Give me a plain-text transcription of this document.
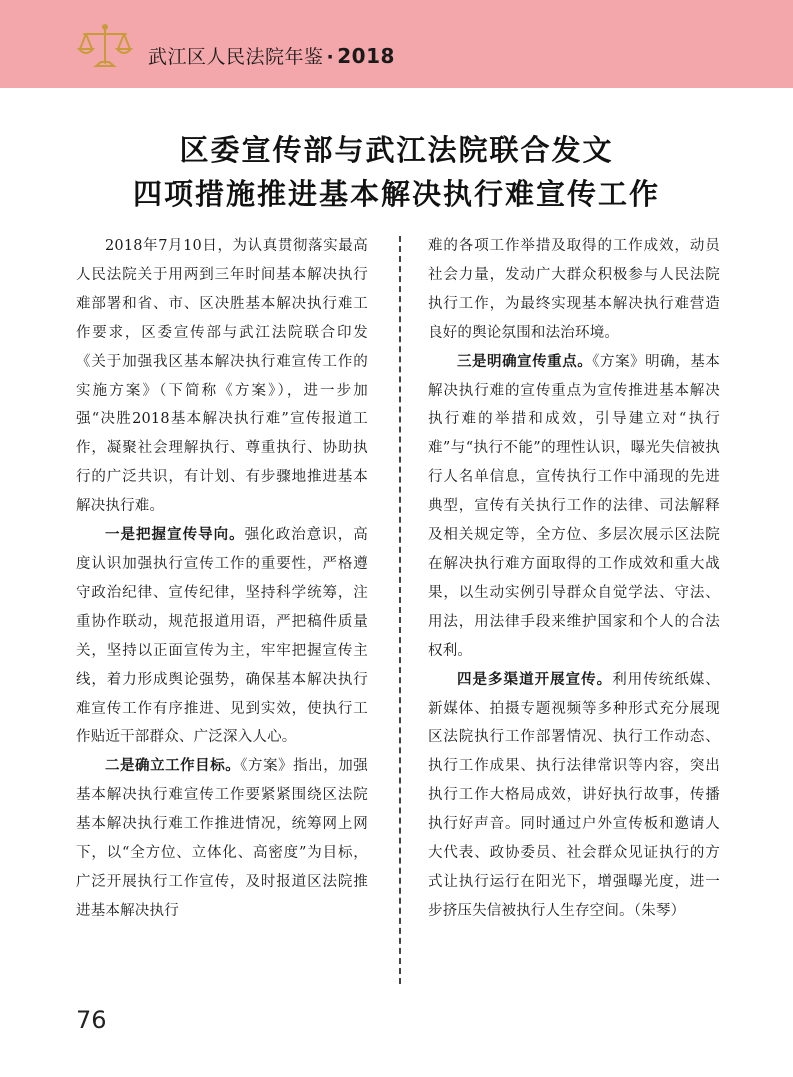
武江区人民法院年鉴 · 2018
区委宣传部与武江法院联合发文
四项措施推进基本解决执行难宣传工作

2018年7月10日，为认真贯彻落实最高人民法院关于用两到三年时间基本解决执行难部署和省、市、区决胜基本解决执行难工作要求，区委宣传部与武江法院联合印发《关于加强我区基本解决执行难宣传工作的实施方案》（下简称《方案》），进一步加强“决胜2018基本解决执行难”宣传报道工作，凝聚社会理解执行、尊重执行、协助执行的广泛共识，有计划、有步骤地推进基本解决执行难。

一是把握宣传导向。强化政治意识，高度认识加强执行宣传工作的重要性，严格遵守政治纪律、宣传纪律，坚持科学统筹，注重协作联动，规范报道用语，严把稿件质量关，坚持以正面宣传为主，牢牢把握宣传主线，着力形成舆论强势，确保基本解决执行难宣传工作有序推进、见到实效，使执行工作贴近干部群众、广泛深入人心。

二是确立工作目标。《方案》指出，加强基本解决执行难宣传工作要紧紧围绕区法院基本解决执行难工作推进情况，统筹网上网下，以“全方位、立体化、高密度”为目标，广泛开展执行工作宣传，及时报道区法院推进基本解决执行

难的各项工作举措及取得的工作成效，动员社会力量，发动广大群众积极参与人民法院执行工作，为最终实现基本解决执行难营造良好的舆论氛围和法治环境。

三是明确宣传重点。《方案》明确，基本解决执行难的宣传重点为宣传推进基本解决执行难的举措和成效，引导建立对“执行难”与“执行不能”的理性认识，曝光失信被执行人名单信息，宣传执行工作中涌现的先进典型，宣传有关执行工作的法律、司法解释及相关规定等，全方位、多层次展示区法院在解决执行难方面取得的工作成效和重大战果，以生动实例引导群众自觉学法、守法、用法，用法律手段来维护国家和个人的合法权利。

四是多渠道开展宣传。利用传统纸媒、新媒体、拍摄专题视频等多种形式充分展现区法院执行工作部署情况、执行工作动态、执行工作成果、执行法律常识等内容，突出执行工作大格局成效，讲好执行故事，传播执行好声音。同时通过户外宣传板和邀请人大代表、政协委员、社会群众见证执行的方式让执行运行在阳光下，增强曝光度，进一步挤压失信被执行人生存空间。（朱琴）

76
